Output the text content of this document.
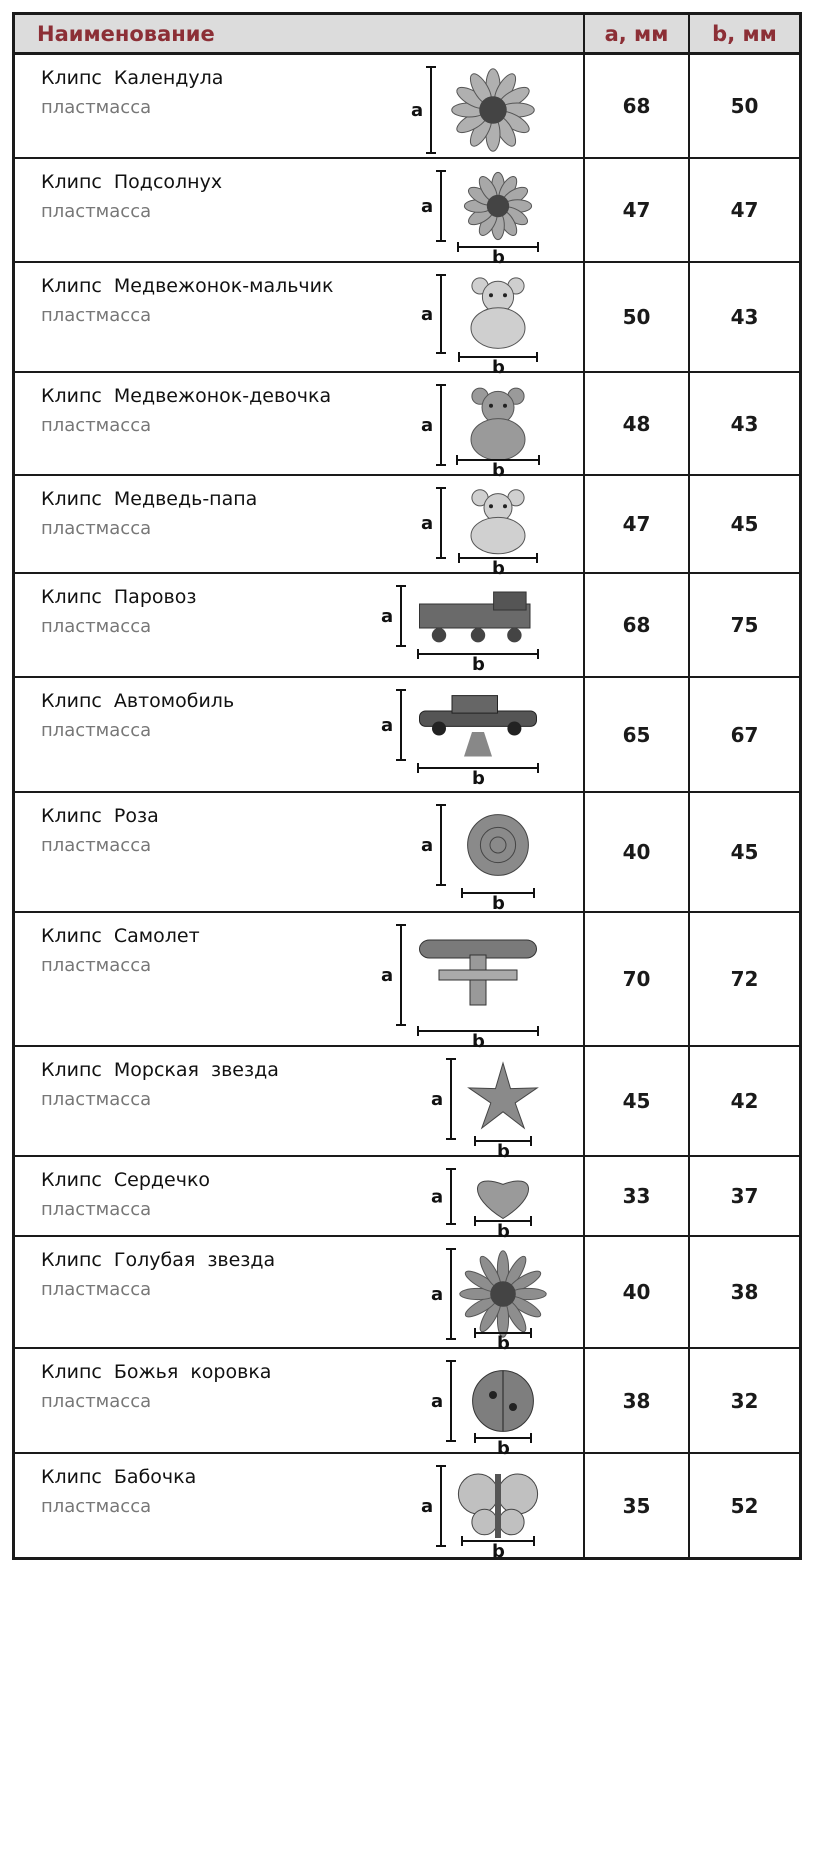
Наименование	a, мм	b, мм
Клипс Календула
пластмасса	a	68	50
Клипс Подсолнух
пластмасса	a
b
47	47
Клипс Медвежонок-мальчик
пластмасса	a
b
50	43
Клипс Медвежонок-девочка
пластмасса	a
b
48	43
Клипс Медведь-папа
пластмасса	a
b
47	45
Клипс Паровоз
пластмасса	a
b
68	75
Клипс Автомобиль
пластмасса	a
b
65	67
Клипс Роза
пластмасса	a
b
40	45
Клипс Самолет
пластмасса	a
b
70	72
Клипс Морская звезда
пластмасса	a
b
45	42
Клипс Сердечко
пластмасса
a
b
33	37
Клипс Голубая звезда
пластмасса	a
b
40	38
Клипс Божья коровка
пластмасса	a
b
38	32
Клипс Бабочка
пластмасса	a
b
35	52
